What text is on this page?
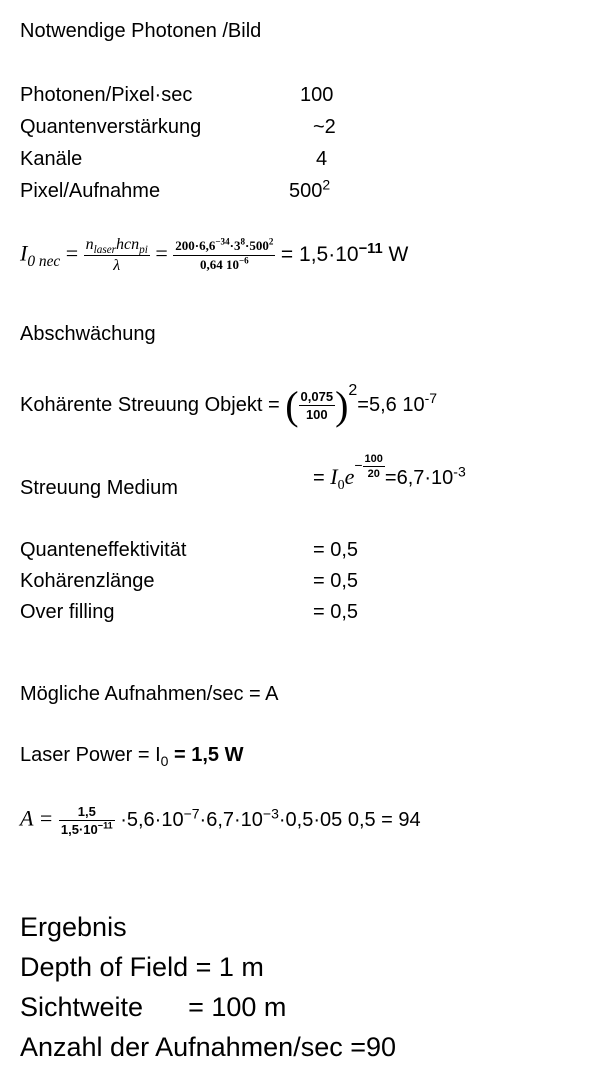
Notwendige Photonen /Bild
Photonen/Pixel·sec	100
Quantenverstärkung	~2
Kanäle	4
Pixel/Aufnahme	$500^2$
$I_{0 nec} = \frac{n_{laser}hcn_{pi}}{\lambda} = \frac{200\cdot 6,6^{-34}\cdot 3^8\cdot 500^2}{0,64 10^{-6}} = 1,5\cdot 10^{-11}$ W
Abschwächung
Kohärente Streuung Objekt = ( $\frac{0,075}{100} )^2=5,6$ $10^{-7}$
Streuung Medium	= $I_0e^{- \frac{100}{20}} =6,7\cdot 10^{-3}$
Quanteneffektivität	= 0,5
Kohärenzlänge	= 0,5
Over filling	= 0,5
Mögliche Aufnahmen/sec = A
Laser Power = $I_0 = 1,5$ W
$A = \frac{1,5}{1,5\cdot 10^{-11}} \cdot 5,6\cdot 10^{-7}\cdot 6,7\cdot 10^{-3}\cdot 0,5\cdot 05$ 0,5 = 94
Ergebnis
Depth of Field = 1 m
Sichtweite      = 100 m
Anzahl der Aufnahmen/sec =90
